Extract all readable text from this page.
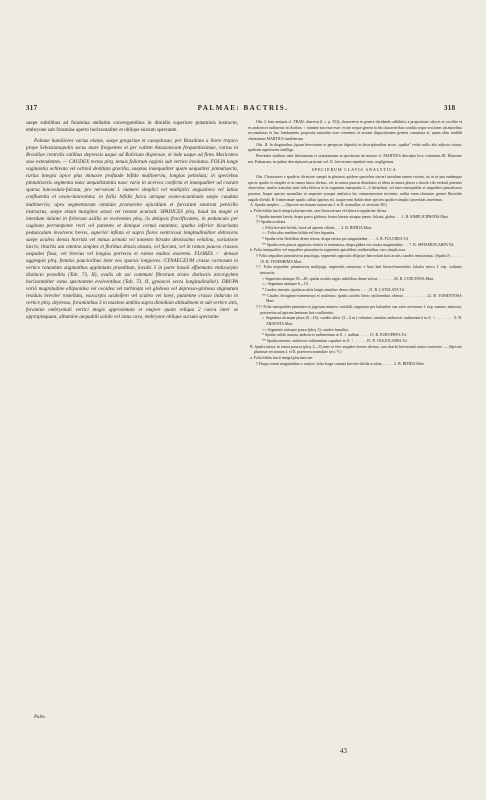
317	PALMAE: BACTRIS.	318

saepe subtilibus ad foramina stellatim convergentibus in dimidio superiore putaminis instructo, embryone sub foramine aperto horizontaliter et oblique sursum spectante.

Palmae humiliores varius elatae, saepe gregariae et caespitosae, per Brasiliam a litore tropico prope Sebastianopolin secus mare frequentes et per vallem Amazonicam frequentissimae, varius in Brasiliae centralis vallibus depressis usque ad Boliviam dispersae, et inde usque ad fines Mexicanos sese extendentes. — CAUDEX rectus plrq. tenuis foliorum vaginis sub vertice involutus. FOLIA longe vaginantia ochreata vel ochreâ destituta gracilia, saepius inaequaliter quam aequaliter pinnatisecta, rarius integra apice plus minusve profunde bifido multinervia, longius petiolata; in speciebus pinnatisectis segmenta nunc aequidistantia nunc varie in acervos conferta et inaequaliter ad costam sparsa lanceolato-falcata, pro nervorum I. numero simplici vel multiplici angustiora vel latius confluentia et ovato-lanceolata; in foliis bifidis furca utraque ovato-acuminata saepe caudata multinervis; apex segmentorum omnium praesertim apicalium et furcarum setarum penicillo instructus, saepe etiam margines setosi vel remote aculeati. SPADICES plrq. haud ita magni et interdum minimi in foliorum axillis se evolventes plrq. iis delapsis fructificantes, in pedunculo per vaginam perrumpente recti vel patentes et denique cernui nutantes; spatha inferior bicarinata pedunculum involvens brevis, superior inflata et supra flores ventricosa longitudinaliter dehiscens saepe aculeis densis horrida vel minus armata vel tomento hirsuto densissimo velutina, variatione lacris; rhachis aut omnino simplex et floribus densis onusta, vel furcata, vel in ramos paucos crassos aequales fissa, vel brevius vel longius porrecta et ramos multos exserens. FLORES ♂ densae aggregati plrq. feminis paucioribus inter eos sparsis longiores. GYNAECEUM crasse carnosum in vertice rotundato stigmatibus applanatis praeditum, loculis 3 in parte basali effoematis endocarpio distincto praeditis (Tab. 73, II), ovulis ab axi communi fibrarum strato distinctis micropylem horizontaliter extus spectantem evolventibus (Tab. 73, II, gynaecei secta longitudinalia!). DRUPA variâ magnitudine ellipsoidea vel ovoidea vel turbinata vel globosa vel depresso-globosa stigmatum residuis breviter rostellata, exocarpio aculeifero vel scabro vel laevi, putamine crasso indurato in vertice plrq. depresso, foraminibus 3 in maximo ambitu supra dimidiam altitudinem et sub vertice sitis, foramine embryonali vertici magis approximato et majore quam reliqua 2 caeca inter se appropinquata, albumine aequabili solido vel intus cavo, embryone oblique sursum spectante.

Obs. I. Jam antiquis cl. TRAIL observat (l. c. p. 354), characteres in genere dividendo adhibitos a proportione calycis et corollae et ex androecei rudimento in floribus ♀ minime sincerae esse; et nec neque genera in his characteribus condita seque sectiones ab autoribus reconstitutas in hac fundamento proposita naturales esse censemus et novam dispositionem generis constituta et, quam olim tradidit clarissimus MARTIUS similiterum.

Obs. II. In diagnosibus (quam brevissime et perspicue digestis) et descriptionibus novis „spatha" verbo nullo alio adjecto citatur, spatham superiorem intellige.

Brevitatis studioso inter litteraturam et synonymiam in specierum ab auctore cl. MARTIUS descripta loco voluminis III. Historiae nat. Palmarum, in quibus descriptiones prisceae vol. II. brevissime repetitae sunt, negligemus.

SPECIERUM CLAVIS ANALYTICA.

Obs. Characteres e spadicis divisione sumpti in plurimis quidem speciebus sincerí interdum tamen variant, ita ut in una eademque specie spadix et simplex et in ramos binos divisus, vel in ramos paucos dissolutus et idem in ramos plures a rhachi vile evolutâ patentes observetur; similis transitus inter folia bifurca et in segmenta inaequalia 2—3 divisoluta, vel inter inaequaliter et aequaliter pinnatisecta praestat. Itaque species nonnullae in sequente synopsi analytica bis commemoratae invenies; nullus enim character genere Bactridis angulo dividit. B. fonteroimae spadix adhuc ignotus est, itaque eam dubiis inter species spadice simplici proestitas inserimus.

A. Spadix simplex. — (Species sectionum nostrarum I. et II. nonnullae, et sectionis III.)

a. Folia bifida furcâ integrâ plurinerviae, rare flexuosâ una vel altera irregulariter divisa.

† Spatha inermis laevis; drupa parva globosa; forma latenis utraque paene, falcata, glabra . . . 1. B. SIMPLICIFRONS Mart.

†† Spatha aculeata.

○ Folia breviter bifida, furcâ ad apicem ciliatis . . . 2. B. BIFIDA Mart.

○○ Folia ultra medium bifida vel fere bipartita.

* Spatha setis flexilibus dense setosa; drupa setosa pro magnitudine . . . . 3. B. PULCHRA Trl.

** Spatha setis paucis appressis ventris et tomentosa; drupa glabra vix ornata magnitudine . . . 7. B. SPHAEROCARPA Trl.

b. Folia inaequaliter vel aequaliter pinnatisecta segmentis apicalibus confluentibus, raro simpliciora.

† Folia aequaliter pinnatisecta pauciiuga, segmentis oppositis elliptico-lanceolatis basi acutis; caudex tenuissimus. (Spadix?) . . . . . . 10. B. TENERRIMA Mart.

†† Folia aequaliter pinnatisecta multijuga, segmentis remotiusc e basi latâ lineari-lanceolatis falcatis nervo I. exp. solitario instructis.

○ Segmenta utrinque 30—40; spatha aculeis nigris subtilibus dense setosa . . . . . . . . 26. B. CONCINNA Mart.

○○ Segmenta utrinque 6—10.

* Caudex inermis; spatha aculeis longis tenuibus dense obtecta . . . . 21. B. CATULATA Trl.

** Caudex ferrugineo-tomentosus et aculeatus; spatha aculeis flavis setiformibus obtecta . . . . . . . . . . 22. B. TOMENTOSA Mart.

††† Folia inaequaliter pinnatisecta jugorum numero variabili; segmenta pro latitudine sua varie nervorum I. exp. numero instructa, praecertim ad apicem lamimae late confluentia.

○ Segmenta utrinque plura (8—16); caudex altior (3—4 m.) robustus; annulus androecei rudimentarii in fl. ♀ . . . . . . . . 8. B. ARISTATA Mart.

○○ Segmenta utrinque pauca (plrq. 3); caudex humilior.

* Spatha valide armata; androecei rudimentum in fl. ♀ nullum . . . . . 15. B. EUROPHYA Trl.

** Spatha inermis; androecei rudimentum cupulare in fl. ♀ . . . . . . 19. B. OLIGOCARPA Trl.

B. Spadix minor in ramos paucos (plrq. 2—5) inter se fere aequales breves divisus, raro rhachi brevissimâ ramos exserente. — (Species plurimae sectionum I. et II. praeterea nonnullae sect. V.)

a. Folia bifida furcâ integrâ plurinerviae.

† Drupa cernui magnitudine v. majori; folia longe cuneata breviter bifida oculata . . . . . . 2. B. BIFIDA Mart.

Palm.
43
